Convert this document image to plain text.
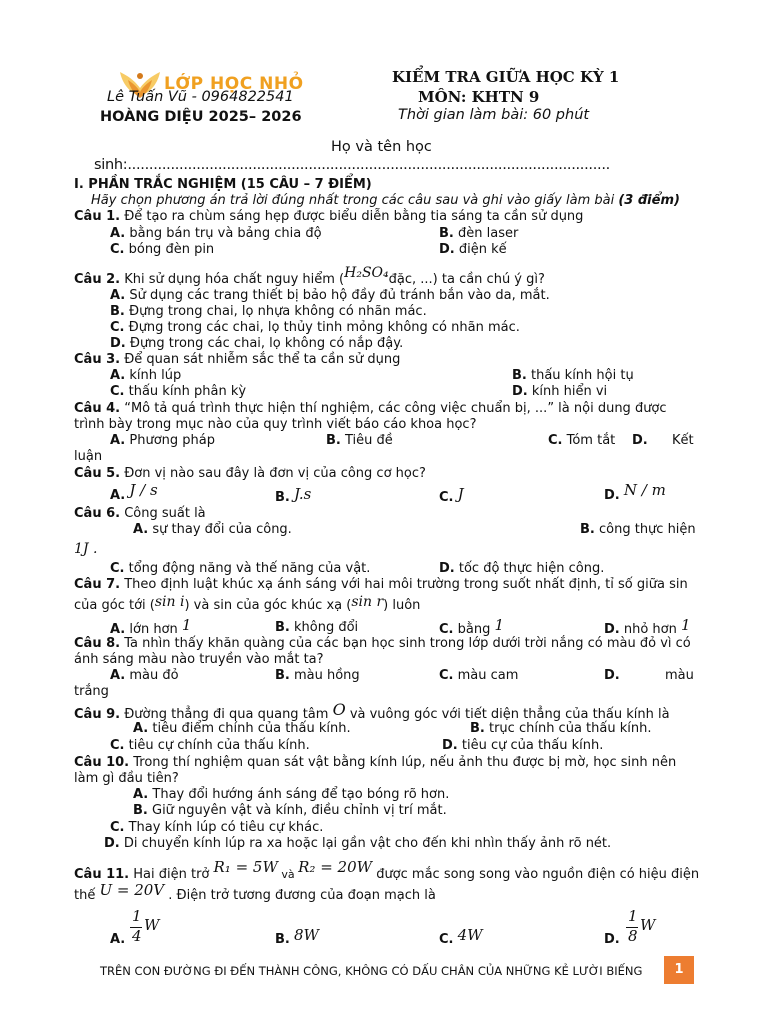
LỚP HỌC NHỎ
Lê Tuấn Vũ - 0964822541
HOÀNG DIỆU 2025– 2026
KIỂM TRA GIỮA HỌC KỲ 1
MÔN: KHTN 9
Thời gian làm bài: 60 phút
Họ và tên học
sinh:................................................................................................................
I. PHẦN TRẮC NGHIỆM (15 CÂU – 7 ĐIỂM)
Hãy chọn phương án trả lời đúng nhất trong các câu sau và ghi vào giấy làm bài (3 điểm)
Câu 1. Để tạo ra chùm sáng hẹp được biểu diễn bằng tia sáng ta cần sử dụng
A. bằng bán trụ và bảng chia độ	B. đèn laser
C. bóng đèn pin	D. điện kế
Câu 2. Khi sử dụng hóa chất nguy hiểm (H₂SO₄đặc, ...) ta cần chú ý gì?
A. Sử dụng các trang thiết bị bảo hộ đầy đủ tránh bắn vào da, mắt.
B. Đựng trong chai, lọ nhựa không có nhãn mác.
C. Đựng trong các chai, lọ thủy tinh mỏng không có nhãn mác.
D. Đựng trong các chai, lọ không có nắp đậy.
Câu 3. Để quan sát nhiễm sắc thể ta cần sử dụng
A. kính lúp	B. thấu kính hội tụ
C. thấu kính phân kỳ	D. kính hiển vi
Câu 4. “Mô tả quá trình thực hiện thí nghiệm, các công việc chuẩn bị, ...” là nội dung được
trình bày trong mục nào của quy trình viết báo cáo khoa học?
A. Phương pháp	B. Tiêu đề	C. Tóm tắt D. Kết
luận
Câu 5. Đơn vị nào sau đây là đơn vị của công cơ học?
A. J / s	B. J.s	C. J	D. N / m
Câu 6. Công suất là
A. sự thay đổi của công.	B. công thực hiện
1J .
C. tổng động năng và thế năng của vật.	D. tốc độ thực hiện công.
Câu 7. Theo định luật khúc xạ ánh sáng với hai môi trường trong suốt nhất định, tỉ số giữa sin
của góc tới (sin i) và sin của góc khúc xạ (sin r) luôn
A. lớn hơn 1	B. không đổi	C. bằng 1	D. nhỏ hơn 1
Câu 8. Ta nhìn thấy khăn quàng của các bạn học sinh trong lớp dưới trời nắng có màu đỏ vì có
ánh sáng màu nào truyền vào mắt ta?
A. màu đỏ	B. màu hồng	C. màu cam	D.	màu
trắng
Câu 9. Đường thẳng đi qua quang tâm O và vuông góc với tiết diện thẳng của thấu kính là
A. tiêu điểm chính của thấu kính.	B. trục chính của thấu kính.
C. tiêu cự chính của thấu kính.	D. tiêu cự của thấu kính.
Câu 10. Trong thí nghiệm quan sát vật bằng kính lúp, nếu ảnh thu được bị mờ, học sinh nên
làm gì đầu tiên?
A. Thay đổi hướng ánh sáng để tạo bóng rõ hơn.
B. Giữ nguyên vật và kính, điều chỉnh vị trí mắt.
C. Thay kính lúp có tiêu cự khác.
D. Di chuyển kính lúp ra xa hoặc lại gần vật cho đến khi nhìn thấy ảnh rõ nét.
Câu 11. Hai điện trở R₁ = 5W và R₂ = 20W được mắc song song vào nguồn điện có hiệu điện
thế U = 20V . Điện trở tương đương của đoạn mạch là
A.
1
4
W
B. 8W	C. 4W	D.
1
8
W
TRÊN CON ĐƯỜNG ĐI ĐẾN THÀNH CÔNG, KHÔNG CÓ DẤU CHÂN CỦA NHỮNG KẺ LƯỜI BIẾNG	1
